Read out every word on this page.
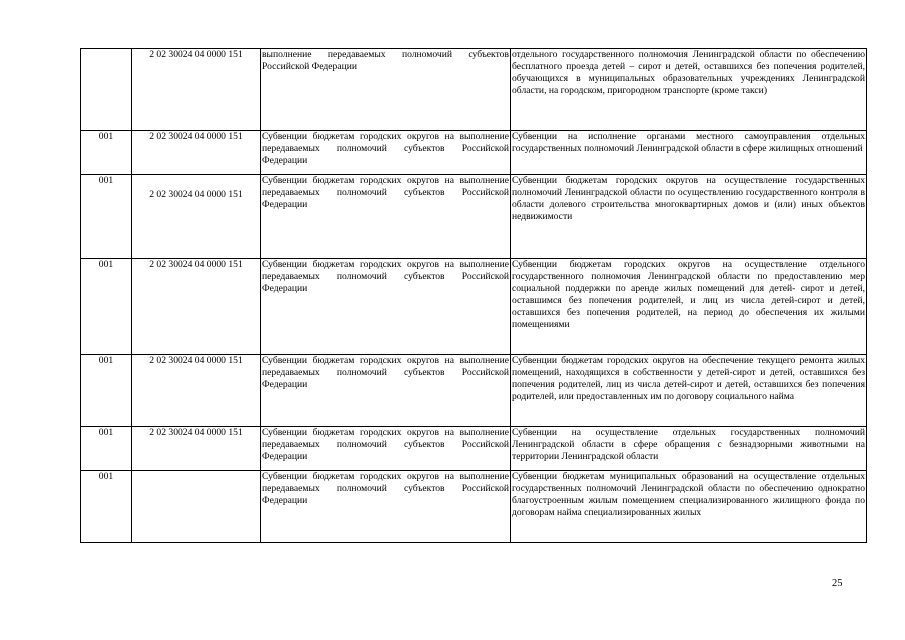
	2 02 30024 04 0000 151	выполнение передаваемых полномочий субъектов Российской Федерации	отдельного государственного полномочия Ленинградской области по обеспечению бесплатного проезда детей – сирот и детей, оставшихся без попечения родителей, обучающихся в муниципальных образовательных учреждениях Ленинградской области, на городском, пригородном транспорте (кроме такси)
001	2 02 30024 04 0000 151	Субвенции бюджетам городских округов на выполнение передаваемых полномочий субъектов Российской Федерации	Субвенции на исполнение органами местного самоуправления отдельных государственных полномочий Ленинградской области в сфере жилищных отношений
001	2 02 30024 04 0000 151	Субвенции бюджетам городских округов на выполнение передаваемых полномочий субъектов Российской Федерации	Субвенции бюджетам городских округов на осуществление государственных полномочий Ленинградской области по осуществлению государственного контроля в области долевого строительства многоквартирных домов и (или) иных объектов недвижимости
001	2 02 30024 04 0000 151	Субвенции бюджетам городских округов на выполнение передаваемых полномочий субъектов Российской Федерации	Субвенции бюджетам городских округов на осуществление отдельного государственного полномочия Ленинградской области по предоставлению мер социальной поддержки по аренде жилых помещений для детей- сирот и детей, оставшимся без попечения родителей, и лиц из числа детей-сирот и детей, оставшихся без попечения родителей, на период до обеспечения их жилыми помещениями
001	2 02 30024 04 0000 151	Субвенции бюджетам городских округов на выполнение передаваемых полномочий субъектов Российской Федерации	Субвенции бюджетам городских округов на обеспечение текущего ремонта жилых помещений, находящихся в собственности у детей-сирот и детей, оставшихся без попечения родителей, лиц из числа детей-сирот и детей, оставшихся без попечения родителей, или предоставленных им по договору социального найма
001	2 02 30024 04 0000 151	Субвенции бюджетам городских округов на выполнение передаваемых полномочий субъектов Российской Федерации	Субвенции на осуществление отдельных государственных полномочий Ленинградской области в сфере обращения с безнадзорными животными на территории Ленинградской области
001		Субвенции бюджетам городских округов на выполнение передаваемых полномочий субъектов Российской Федерации	Субвенции бюджетам муниципальных образований на осуществление отдельных государственных полномочий Ленинградской области по обеспечению однократно благоустроенным жилым помещением специализированного жилищного фонда по договорам найма специализированных жилых
25
